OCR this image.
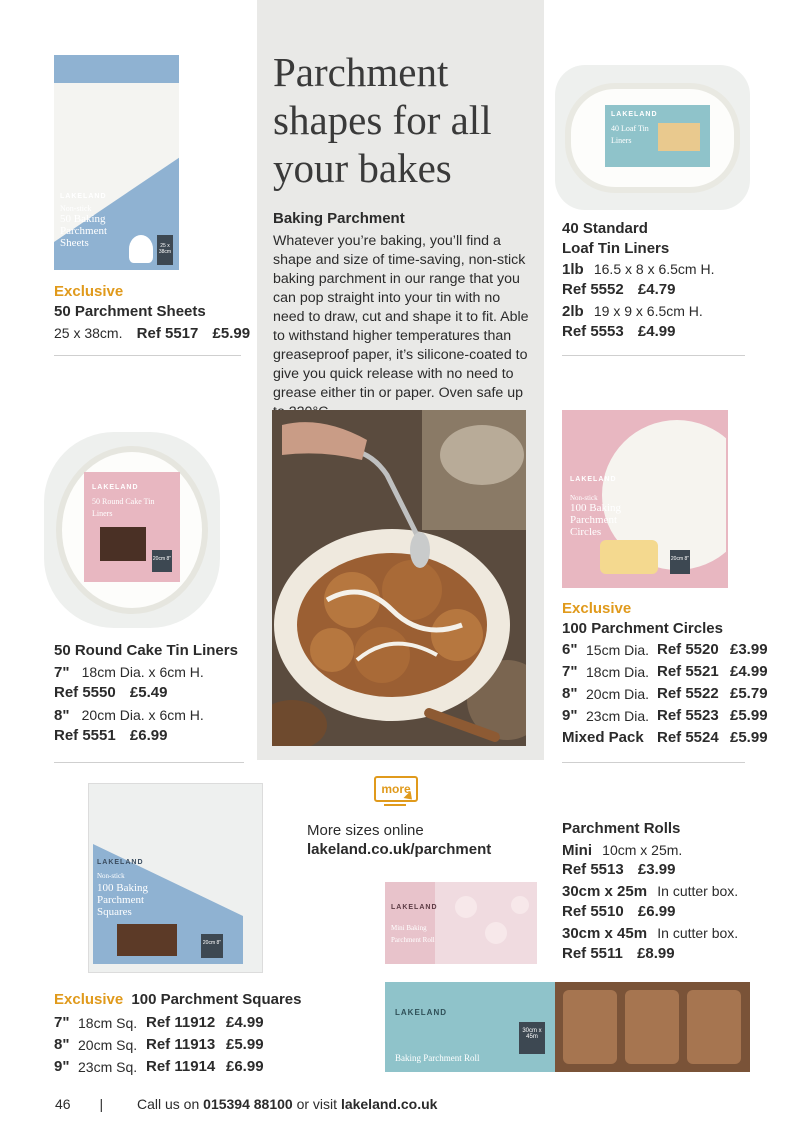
Parchment shapes for all your bakes
Baking Parchment
Whatever you’re baking, you’ll find a shape and size of time-saving, non-stick baking parchment in our range that you can pop straight into your tin with no need to draw, cut and shape it to fit. Able to withstand higher temperatures than greaseproof paper, it’s silicone-coated to give you quick release with no need to grease either tin or paper. Oven safe up
LAKELAND
Non-stick
50 Baking Parchment Sheets	25 x 38cm
Exclusive
50 Parchment Sheets
25 x 38cm. Ref 5517 £5.99
LAKELAND
40 Loaf Tin Liners
40 Standard
Loaf Tin Liners
1lb 16.5 x 8 x 6.5cm H.
Ref 5552 £4.79
2lb 19 x 9 x 6.5cm H.
Ref 5553 £4.99
LAKELAND
50 Round Cake Tin Liners
20cm 8"
50 Round Cake Tin Liners
7" 18cm Dia. x 6cm H.
Ref 5550 £5.49
8" 20cm Dia. x 6cm H.
Ref 5551 £6.99
LAKELAND
Non-stick
100 Baking Parchment Circles
20cm 8"
Exclusive
100 Parchment Circles
6" 15cm Dia. Ref 5520 £3.99
7" 18cm Dia. Ref 5521 £4.99
8" 20cm Dia. Ref 5522 £5.79
9" 23cm Dia. Ref 5523 £5.99
Mixed Pack Ref 5524 £5.99
more
More sizes online
lakeland.co.uk/parchment
LAKELAND
Non-stick
100 Baking Parchment Squares
20cm 8"
Exclusive 100 Parchment Squares
7" 18cm Sq. Ref 11912 £4.99
8" 20cm Sq. Ref 11913 £5.99
9" 23cm Sq. Ref 11914 £6.99
Parchment Rolls
Mini 10cm x 25m.
Ref 5513 £3.99
30cm x 25m In cutter box.
Ref 5510 £6.99
30cm x 45m In cutter box.
Ref 5511 £8.99
LAKELAND
Mini Baking Parchment Roll
LAKELAND
Baking Parchment Roll
30cm x 45m
46 | Call us on 015394 88100 or visit lakeland.co.uk
